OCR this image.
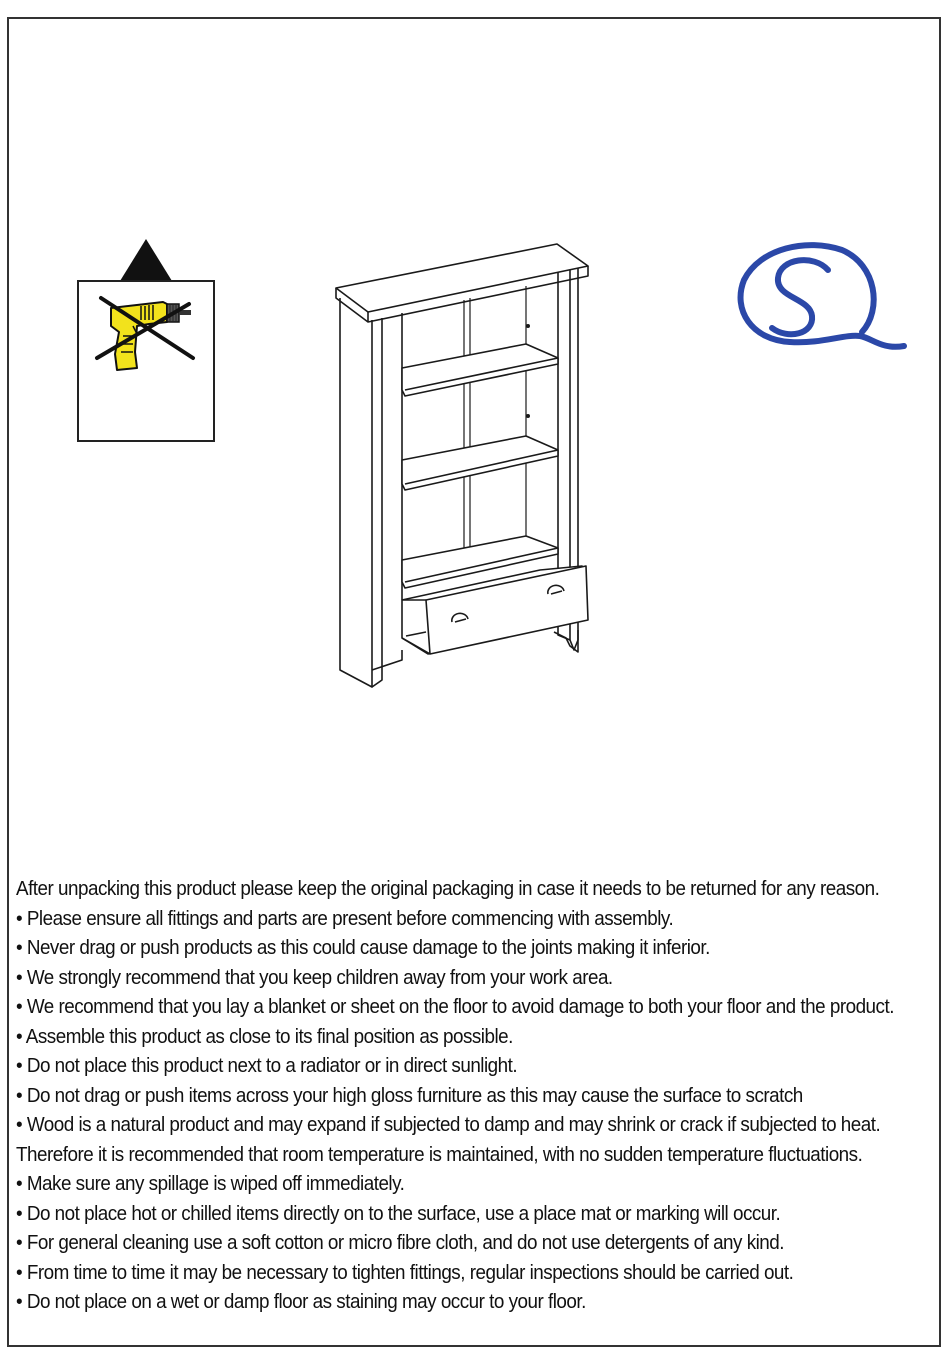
After unpacking this product please keep the original packaging in case it needs to be returned for any reason.

• Please ensure all fittings and parts are present before commencing with assembly.

• Never drag or push products as this could cause damage to the joints making it inferior.

• We strongly recommend that you keep children away from your work area.

• We recommend that you lay a blanket or sheet on the floor to avoid damage to both your floor and the product.

• Assemble this product as close to its final position as possible.

• Do not place this product next to a radiator or in direct sunlight.

• Do not drag or push items across your high gloss furniture as this may cause the surface to scratch

• Wood is a natural product and may expand if subjected to damp and may shrink or crack if subjected to heat.

Therefore it is recommended that room temperature is maintained, with no sudden temperature fluctuations.

• Make sure any spillage is wiped off immediately.

• Do not place hot or chilled items directly on to the surface, use a place mat or marking will occur.

• For general cleaning use a soft cotton or micro fibre cloth, and do not use detergents of any kind.

• From time to time it may be necessary to tighten fittings, regular inspections should be carried out.

• Do not place on a wet or damp floor as staining may occur to your floor.
